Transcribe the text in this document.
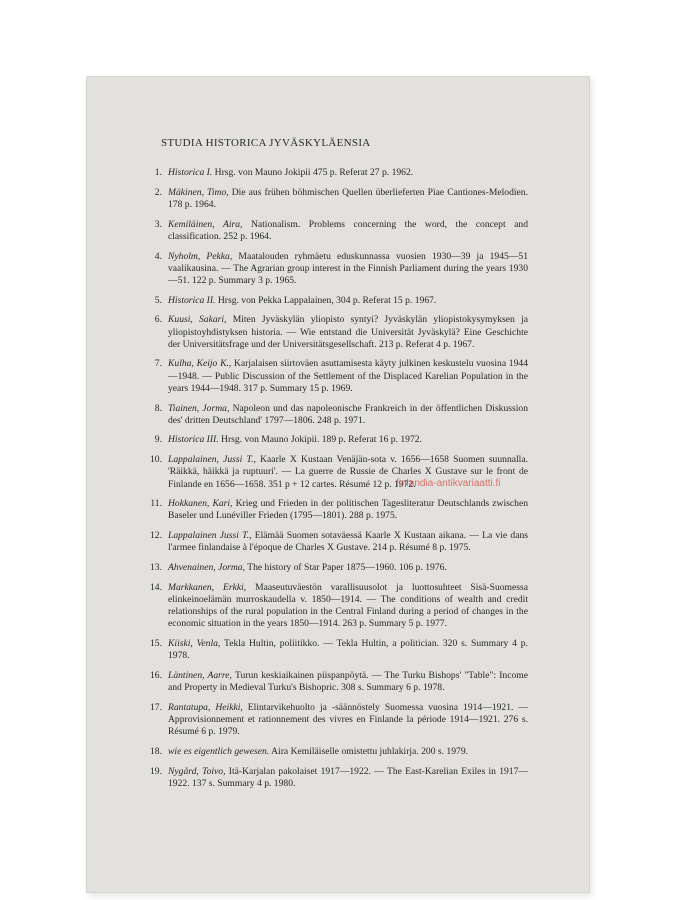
STUDIA HISTORICA JYVÄSKYLÄENSIA
1. Historica I. Hrsg. von Mauno Jokipii 475 p. Referat 27 p. 1962.
2. Mäkinen, Timo, Die aus frühen böhmischen Quellen überlieferten Piae Cantiones-Melodien. 178 p. 1964.
3. Kemiläinen, Aira, Nationalism. Problems concerning the word, the concept and classification. 252 p. 1964.
4. Nyholm, Pekka, Maatalouden ryhmäetu eduskunnassa vuosien 1930—39 ja 1945—51 vaalikausina. — The Agrarian group interest in the Finnish Parliament during the years 1930—51. 122 p. Summary 3 p. 1965.
5. Historica II. Hrsg. von Pekka Lappalainen, 304 p. Referat 15 p. 1967.
6. Kuusi, Sakari, Miten Jyväskylän yliopisto syntyi? Jyväskylän yliopistokysymyksen ja yliopistoyhdistyksen historia. — Wie entstand die Universität Jyväskylä? Eine Geschichte der Universitätsfrage und der Universitätsgesellschaft. 213 p. Referat 4 p. 1967.
7. Kulha, Keijo K., Karjalaisen siirtoväen asuttamisesta käyty julkinen keskustelu vuosina 1944—1948. — Public Discussion of the Settlement of the Displaced Karelian Population in the years 1944—1948. 317 p. Summary 15 p. 1969.
8. Tiainen, Jorma, Napoleon und das napoleonische Frankreich in der öffentlichen Diskussion des' dritten Deutschland' 1797—1806. 248 p. 1971.
9. Historica III. Hrsg. von Mauno Jokipii. 189 p. Referat 16 p. 1972.
10. Lappalainen, Jussi T., Kaarle X Kustaan Venäjän-sota v. 1656—1658 Suomen suunnalla. 'Räikkä, häikkä ja ruptuuri'. — La guerre de Russie de Charles X Gustave sur le front de Finlande en 1656—1658. 351 p + 12 cartes. Résumé 12 p. 1972.
11. Hokkanen, Kari, Krieg und Frieden in der politischen Tagesliteratur Deutschlands zwischen Baseler und Lunéviller Frieden (1795—1801). 288 p. 1975.
12. Lappalainen Jussi T., Elämää Suomen sotaväessä Kaarle X Kustaan aikana. — La vie dans l'armee finlandaise à l'époque de Charles X Gustave. 214 p. Résumé 8 p. 1975.
13. Ahvenainen, Jorma, The history of Star Paper 1875—1960. 106 p. 1976.
14. Markkanen, Erkki, Maaseutuväestön varallisuusolot ja luottosuhteet Sisä-Suomessa elinkeinoelämän murroskaudella v. 1850—1914. — The conditions of wealth and credit relationships of the rural population in the Central Finland during a period of changes in the economic situation in the years 1850—1914. 263 p. Summary 5 p. 1977.
15. Kiiski, Venla, Tekla Hultin, poliitikko. — Tekla Hultin, a politician. 320 s. Summary 4 p. 1978.
16. Läntinen, Aarre, Turun keskiaikainen piispanpöytä. — The Turku Bishops' "Table": Income and Property in Medieval Turku's Bishopric. 308 s. Summary 6 p. 1978.
17. Rantatupa, Heikki, Elintarvikehuolto ja -säännöstely Suomessa vuosina 1914—1921. — Approvisionnement et rationnement des vivres en Finlande la période 1914—1921. 276 s. Résumé 6 p. 1979.
18. wie es eigentlich gewesen. Aira Kemiläiselle omistettu juhlakirja. 200 s. 1979.
19. Nygård, Toivo, Itä-Karjalan pakolaiset 1917—1922. — The East-Karelian Exiles in 1917—1922. 137 s. Summary 4 p. 1980.
finlandia-antikvariaatti.fi
